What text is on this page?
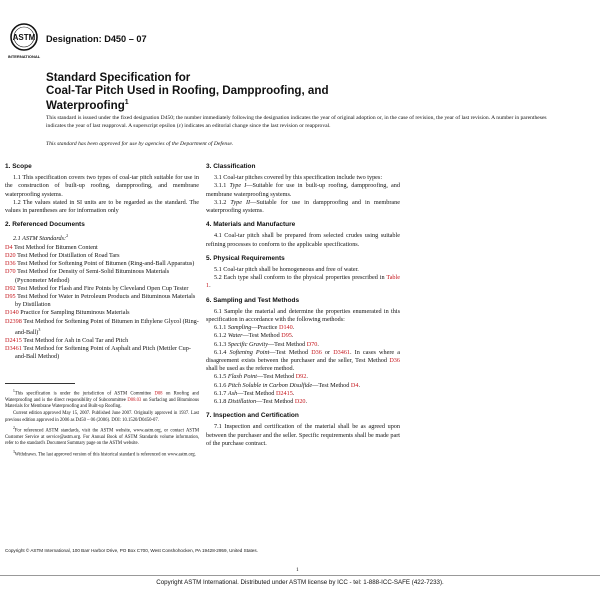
ASTM
INTERNATIONAL
Designation: D450 – 07
Standard Specification for
Coal-Tar Pitch Used in Roofing, Dampproofing, and
Waterproofing$^1$
This standard is issued under the fixed designation D450; the number immediately following the designation indicates the year of original adoption or, in the case of revision, the year of last revision. A number in parentheses indicates the year of last reapproval. A superscript epsilon (ε) indicates an editorial change since the last revision or reapproval.
This standard has been approved for use by agencies of the Department of Defense.
1. Scope

1.1 This specification covers two types of coal-tar pitch suitable for use in the construction of built-up roofing, dampproofing, and membrane waterproofing systems.

1.2 The values stated in SI units are to be regarded as the standard. The values in parentheses are for information only

2. Referenced Documents

2.1 ASTM Standards:$^2$

D4 Test Method for Bitumen Content
D20 Test Method for Distillation of Road Tars
D36 Test Method for Softening Point of Bitumen (Ring-and-Ball Apparatus)
D70 Test Method for Density of Semi-Solid Bituminous Materials (Pycnometer Method)
D92 Test Method for Flash and Fire Points by Cleveland Open Cup Tester
D95 Test Method for Water in Petroleum Products and Bituminous Materials by Distillation
D140 Practice for Sampling Bituminous Materials
D2398 Test Method for Softening Point of Bitumen in Ethylene Glycol (Ring-and-Ball)$^3$
D2415 Test Method for Ash in Coal Tar and Pitch
D3461 Test Method for Softening Point of Asphalt and Pitch (Mettler Cup-and-Ball Method)

$^1$This specification is under the jurisdiction of ASTM Committee D08 on Roofing and Waterproofing and is the direct responsibility of Subcommittee D08.03 on Surfacing and Bituminous Materials for Membrane Waterproofing and Built-up Roofing.

Current edition approved May 15, 2007. Published June 2007. Originally approved in 1937. Last previous edition approved in 2006 as D450 – 06 (2006). DOI: 10.1520/D0450-07.

$^2$For referenced ASTM standards, visit the ASTM website, www.astm.org, or contact ASTM Customer Service at service@astm.org. For Annual Book of ASTM Standards volume information, refer to the standard's Document Summary page on the ASTM website.

$^3$Withdrawn. The last approved version of this historical standard is referenced on www.astm.org.

3. Classification

3.1 Coal-tar pitches covered by this specification include two types:

3.1.1 Type I—Suitable for use in built-up roofing, dampproofing, and membrane waterproofing systems.

3.1.2 Type II—Suitable for use in dampproofing and in membrane waterproofing systems.

4. Materials and Manufacture

4.1 Coal-tar pitch shall be prepared from selected crudes using suitable refining processes to conform to the applicable specifications.

5. Physical Requirements

5.1 Coal-tar pitch shall be homogeneous and free of water.

5.2 Each type shall conform to the physical properties prescribed in Table 1.

6. Sampling and Test Methods

6.1 Sample the material and determine the properties enumerated in this specification in accordance with the following methods:

6.1.1 Sampling—Practice D140.

6.1.2 Water—Test Method D95.

6.1.3 Specific Gravity—Test Method D70.

6.1.4 Softening Point—Test Method D36 or D3461. In cases where a disagreement exists between the purchaser and the seller, Test Method D36 shall be used as the referee method.

6.1.5 Flash Point—Test Method D92.

6.1.6 Pitch Soluble in Carbon Disulfide—Test Method D4.

6.1.7 Ash—Test Method D2415.

6.1.8 Distillation—Test Method D20.

7. Inspection and Certification

7.1 Inspection and certification of the material shall be as agreed upon between the purchaser and the seller. Specific requirements shall be made part of the purchase contract.

Copyright © ASTM International, 100 Barr Harbor Drive, PO Box C700, West Conshohocken, PA 19428-2959, United States.
1
Copyright ASTM International. Distributed under ASTM license by ICC - tel: 1-888-ICC-SAFE (422-7233).
